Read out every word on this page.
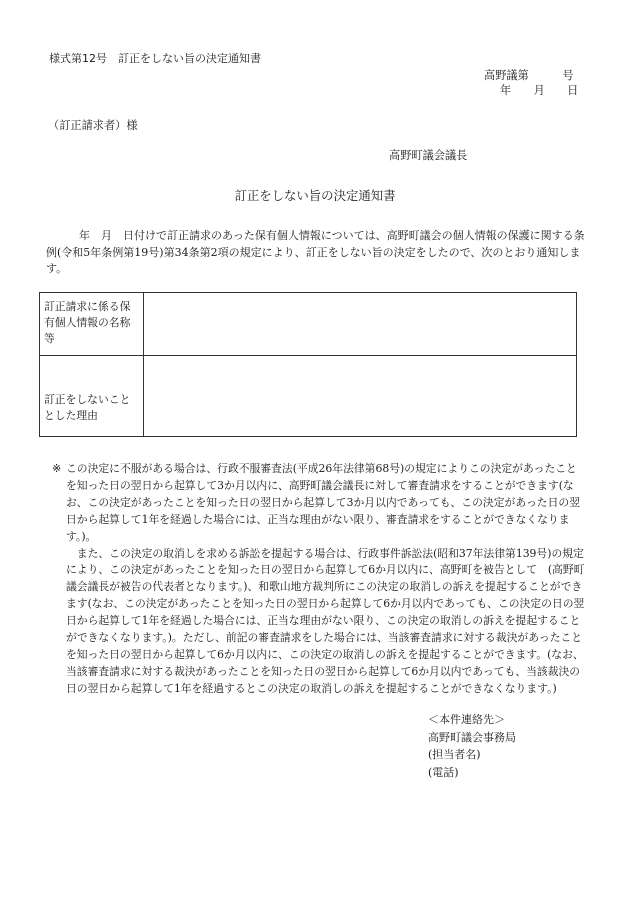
様式第12号　訂正をしない旨の決定通知書
高野議第　　　号
年　　月　　日
（訂正請求者）様
高野町議会議長
訂正をしない旨の決定通知書
　　　年　月　日付けで訂正請求のあった保有個人情報については、高野町議会の個人情報の保護に関する条例(令和5年条例第19号)第34条第2項の規定により、訂正をしない旨の決定をしたので、次のとおり通知します。
訂正請求に係る保有個人情報の名称等	
訂正をしないこととした理由	
※ この決定に不服がある場合は、行政不服審査法(平成26年法律第68号)の規定によりこの決定があったことを知った日の翌日から起算して3か月以内に、高野町議会議長に対して審査請求をすることができます(なお、この決定があったことを知った日の翌日から起算して3か月以内であっても、この決定があった日の翌日から起算して1年を経過した場合には、正当な理由がない限り、審査請求をすることができなくなります。)。

また、この決定の取消しを求める訴訟を提起する場合は、行政事件訴訟法(昭和37年法律第139号)の規定により、この決定があったことを知った日の翌日から起算して6か月以内に、高野町を被告として　(高野町議会議長が被告の代表者となります。)、和歌山地方裁判所にこの決定の取消しの訴えを提起することができます(なお、この決定があったことを知った日の翌日から起算して6か月以内であっても、この決定の日の翌日から起算して1年を経過した場合には、正当な理由がない限り、この決定の取消しの訴えを提起することができなくなります。)。ただし、前記の審査請求をした場合には、当該審査請求に対する裁決があったことを知った日の翌日から起算して6か月以内に、この決定の取消しの訴えを提起することができます。(なお、当該審査請求に対する裁決があったことを知った日の翌日から起算して6か月以内であっても、当該裁決の日の翌日から起算して1年を経過するとこの決定の取消しの訴えを提起することができなくなります。)

＜本件連絡先＞
高野町議会事務局
(担当者名)
(電話)
